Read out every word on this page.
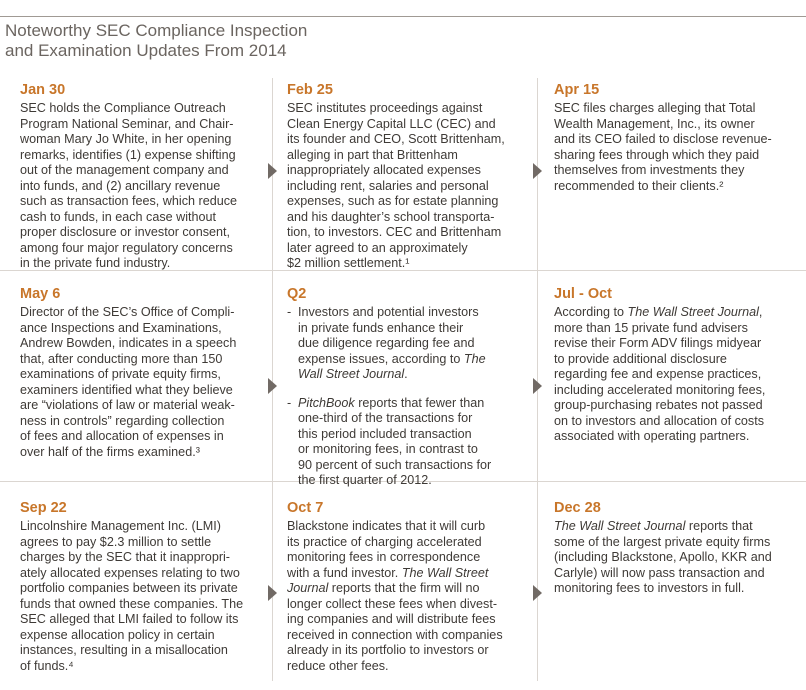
Noteworthy SEC Compliance Inspection
and Examination Updates From 2014
Jan 30

SEC holds the Compliance Outreach
Program National Seminar, and Chair-
woman Mary Jo White, in her opening
remarks, identifies (1) expense shifting
out of the management company and
into funds, and (2) ancillary revenue
such as transaction fees, which reduce
cash to funds, in each case without
proper disclosure or investor consent,
among four major regulatory concerns
in the private fund industry.

Feb 25

SEC institutes proceedings against
Clean Energy Capital LLC (CEC) and
its founder and CEO, Scott Brittenham,
alleging in part that Brittenham
inappropriately allocated expenses
including rent, salaries and personal
expenses, such as for estate planning
and his daughter’s school transporta-
tion, to investors. CEC and Brittenham
later agreed to an approximately
$2 million settlement.¹

Apr 15

SEC files charges alleging that Total
Wealth Management, Inc., its owner
and its CEO failed to disclose revenue-
sharing fees through which they paid
themselves from investments they
recommended to their clients.²

May 6

Director of the SEC’s Office of Compli-
ance Inspections and Examinations,
Andrew Bowden, indicates in a speech
that, after conducting more than 150
examinations of private equity firms,
examiners identified what they believe
are “violations of law or material weak-
ness in controls” regarding collection
of fees and allocation of expenses in
over half of the firms examined.³

Q2
- Investors and potential investors
in private funds enhance their
due diligence regarding fee and
expense issues, according to The
Wall Street Journal.
- PitchBook reports that fewer than
one-third of the transactions for
this period included transaction
or monitoring fees, in contrast to
90 percent of such transactions for
the first quarter of 2012.
Jul - Oct

According to The Wall Street Journal,
more than 15 private fund advisers
revise their Form ADV filings midyear
to provide additional disclosure
regarding fee and expense practices,
including accelerated monitoring fees,
group-purchasing rebates not passed
on to investors and allocation of costs
associated with operating partners.

Sep 22

Lincolnshire Management Inc. (LMI)
agrees to pay $2.3 million to settle
charges by the SEC that it inappropri-
ately allocated expenses relating to two
portfolio companies between its private
funds that owned these companies. The
SEC alleged that LMI failed to follow its
expense allocation policy in certain
instances, resulting in a misallocation
of funds.⁴

Oct 7

Blackstone indicates that it will curb
its practice of charging accelerated
monitoring fees in correspondence
with a fund investor. The Wall Street
Journal reports that the firm will no
longer collect these fees when divest-
ing companies and will distribute fees
received in connection with companies
already in its portfolio to investors or
reduce other fees.

Dec 28

The Wall Street Journal reports that
some of the largest private equity firms
(including Blackstone, Apollo, KKR and
Carlyle) will now pass transaction and
monitoring fees to investors in full.
